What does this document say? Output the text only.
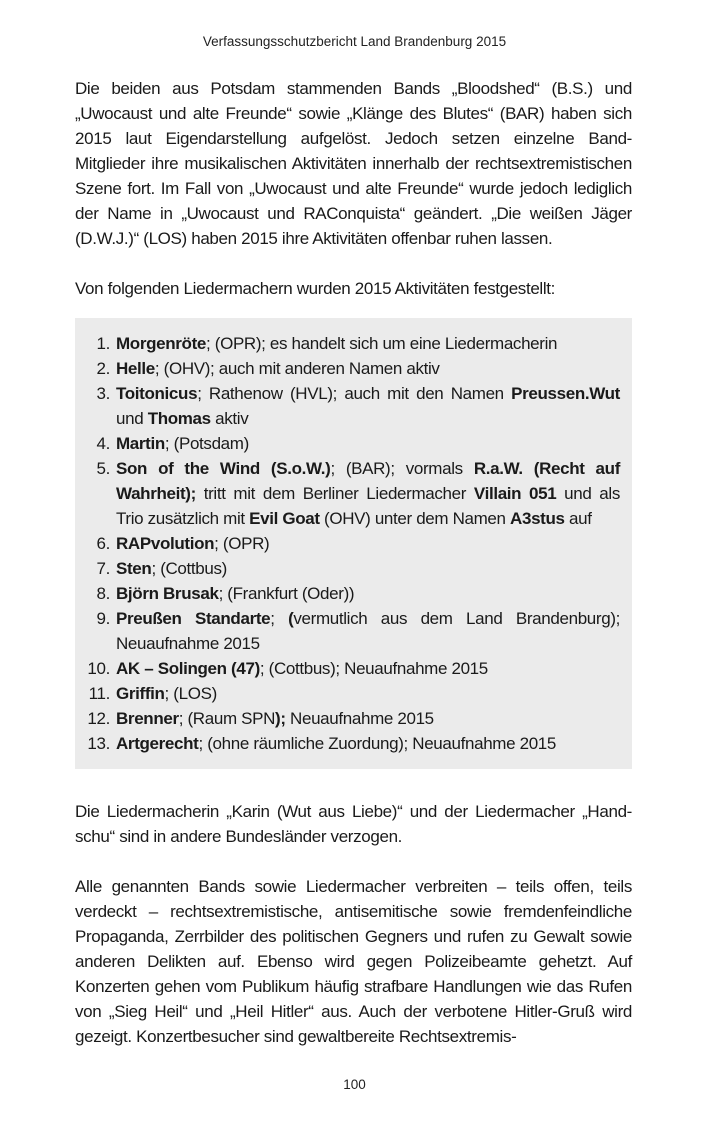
Verfassungsschutzbericht Land Brandenburg 2015

Die beiden aus Potsdam stammenden Bands „Bloodshed“ (B.S.) und „Uwocaust und alte Freunde“ sowie „Klänge des Blutes“ (BAR) haben sich 2015 laut Eigendarstellung aufgelöst. Jedoch setzen einzelne Band-Mitglieder ihre musikalischen Aktivitäten innerhalb der rechtsextremistischen Szene fort. Im Fall von „Uwocaust und alte Freunde“ wurde jedoch lediglich der Name in „Uwocaust und RAConquista“ geändert. „Die weißen Jäger (D.W.J.)“ (LOS) haben 2015 ihre Aktivitäten offenbar ruhen lassen.

Von folgenden Liedermachern wurden 2015 Aktivitäten festgestellt:

1. Morgenröte; (OPR); es handelt sich um eine Liedermacherin
2. Helle; (OHV); auch mit anderen Namen aktiv
3. Toitonicus; Rathenow (HVL); auch mit den Namen Preussen.Wut und Thomas aktiv
4. Martin; (Potsdam)
5. Son of the Wind (S.o.W.); (BAR); vormals R.a.W. (Recht auf Wahrheit); tritt mit dem Berliner Liedermacher Villain 051 und als Trio zusätzlich mit Evil Goat (OHV) unter dem Namen A3stus auf
6. RAPvolution; (OPR)
7. Sten; (Cottbus)
8. Björn Brusak; (Frankfurt (Oder))
9. Preußen Standarte; (vermutlich aus dem Land Brandenburg); Neuaufnahme 2015
10. AK – Solingen (47); (Cottbus); Neuaufnahme 2015
11. Griffin; (LOS)
12. Brenner; (Raum SPN); Neuaufnahme 2015
13. Artgerecht; (ohne räumliche Zuordung); Neuaufnahme 2015

Die Liedermacherin „Karin (Wut aus Liebe)“ und der Liedermacher „Hand-schu“ sind in andere Bundesländer verzogen.

Alle genannten Bands sowie Liedermacher verbreiten – teils offen, teils verdeckt – rechtsextremistische, antisemitische sowie fremdenfeindliche Propaganda, Zerrbilder des politischen Gegners und rufen zu Gewalt sowie anderen Delikten auf. Ebenso wird gegen Polizeibeamte gehetzt. Auf Konzerten gehen vom Publikum häufig strafbare Handlungen wie das Rufen von „Sieg Heil“ und „Heil Hitler“ aus. Auch der verbotene Hitler-Gruß wird gezeigt. Konzertbesucher sind gewaltbereite Rechtsextremis-

100
